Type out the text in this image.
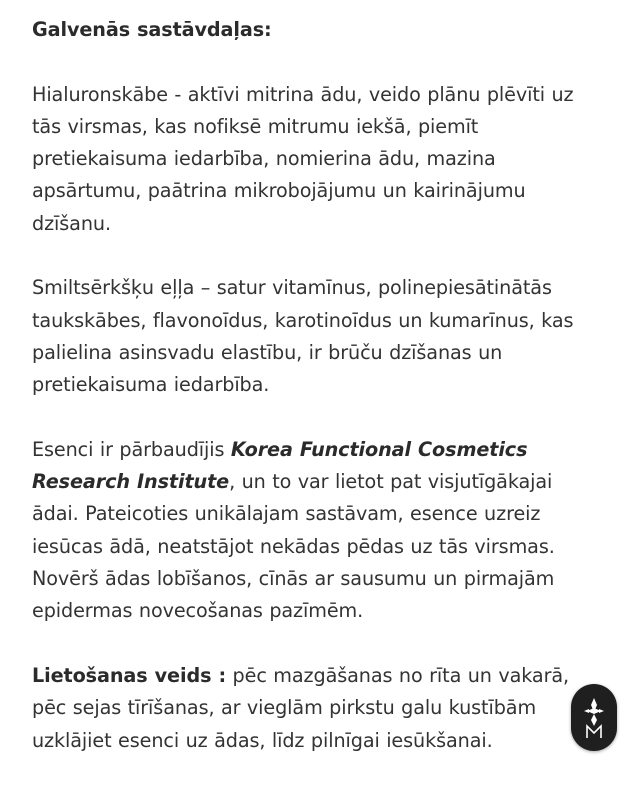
Galvenās sastāvdaļas:

Hialuronskābe - aktīvi mitrina ādu, veido plānu plēvīti uz tās virsmas, kas nofiksē mitrumu iekšā, piemīt pretiekaisuma iedarbība, nomierina ādu, mazina apsārtumu, paātrina mikrobojājumu un kairinājumu dzīšanu.

Smiltsērkšķu eļļa – satur vitamīnus, polinepiesātinātās taukskābes, flavonoīdus, karotinoīdus un kumarīnus, kas palielina asinsvadu elastību, ir brūču dzīšanas un pretiekaisuma iedarbība.

Esenci ir pārbaudījis Korea Functional Cosmetics Research Institute, un to var lietot pat visjutīgākajai ādai. Pateicoties unikālajam sastāvam, esence uzreiz iesūcas ādā, neatstājot nekādas pēdas uz tās virsmas. Novērš ādas lobīšanos, cīnās ar sausumu un pirmajām epidermas novecošanas pazīmēm.

Lietošanas veids : pēc mazgāšanas no rīta un vakarā, pēc sejas tīrīšanas, ar vieglām pirkstu galu kustībām uzklājiet esenci uz ādas, līdz pilnīgai iesūkšanai.
